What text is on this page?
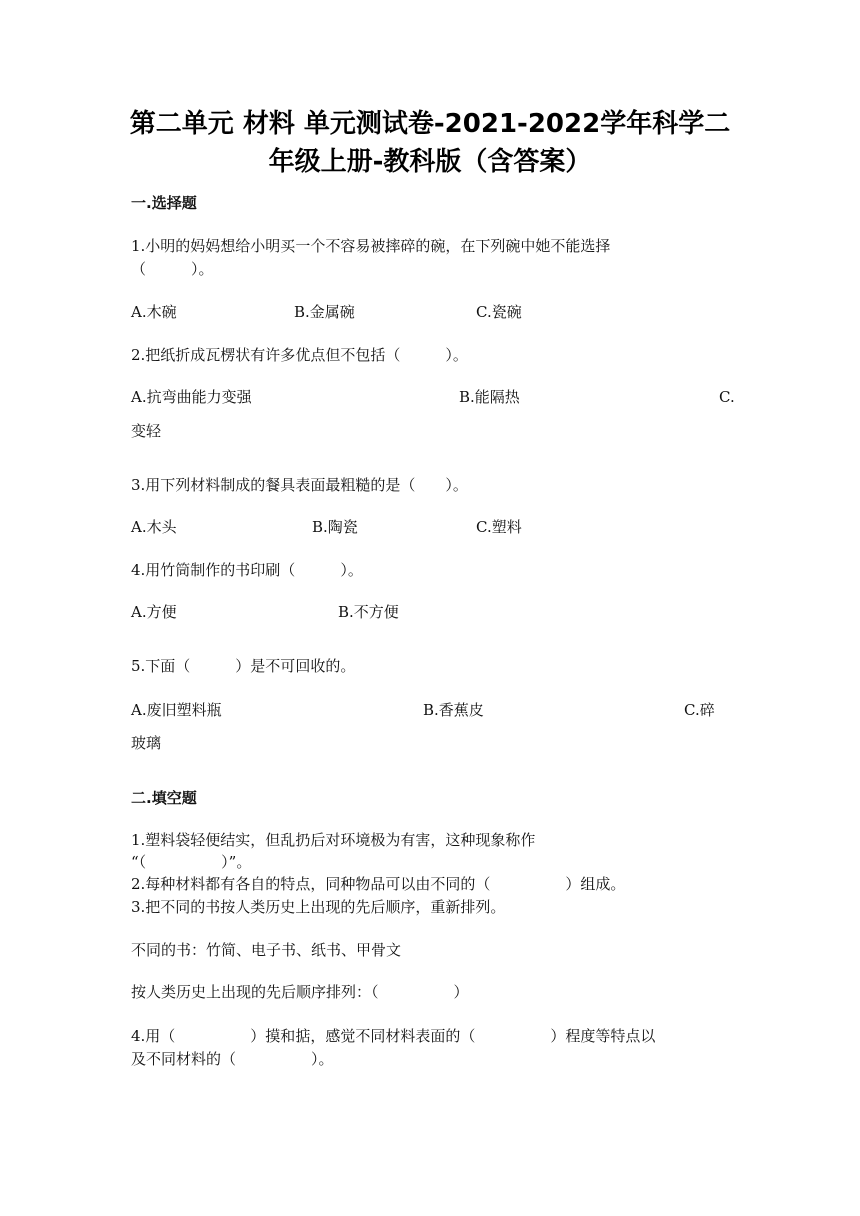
第二单元 材料 单元测试卷-2021-2022学年科学二
年级上册-教科版（含答案）
一.选择题
1.小明的妈妈想给小明买一个不容易被摔碎的碗，在下列碗中她不能选择
（　　　）。
A.木碗	B.金属碗	C.瓷碗
2.把纸折成瓦楞状有许多优点但不包括（　　　）。
A.抗弯曲能力变强	B.能隔热	C.
变轻
3.用下列材料制成的餐具表面最粗糙的是（　　）。
A.木头	B.陶瓷	C.塑料
4.用竹筒制作的书印刷（　　　）。
A.方便	B.不方便
5.下面（　　　）是不可回收的。
A.废旧塑料瓶	B.香蕉皮	C.碎
玻璃
二.填空题
1.塑料袋轻便结实，但乱扔后对环境极为有害，这种现象称作
“（　　　　　）”。
2.每种材料都有各自的特点，同种物品可以由不同的（　　　　　）组成。
3.把不同的书按人类历史上出现的先后顺序，重新排列。
不同的书：竹简、电子书、纸书、甲骨文
按人类历史上出现的先后顺序排列：（　　　　　）
4.用（　　　　　）摸和掂，感觉不同材料表面的（　　　　　）程度等特点以
及不同材料的（　　　　　）。
